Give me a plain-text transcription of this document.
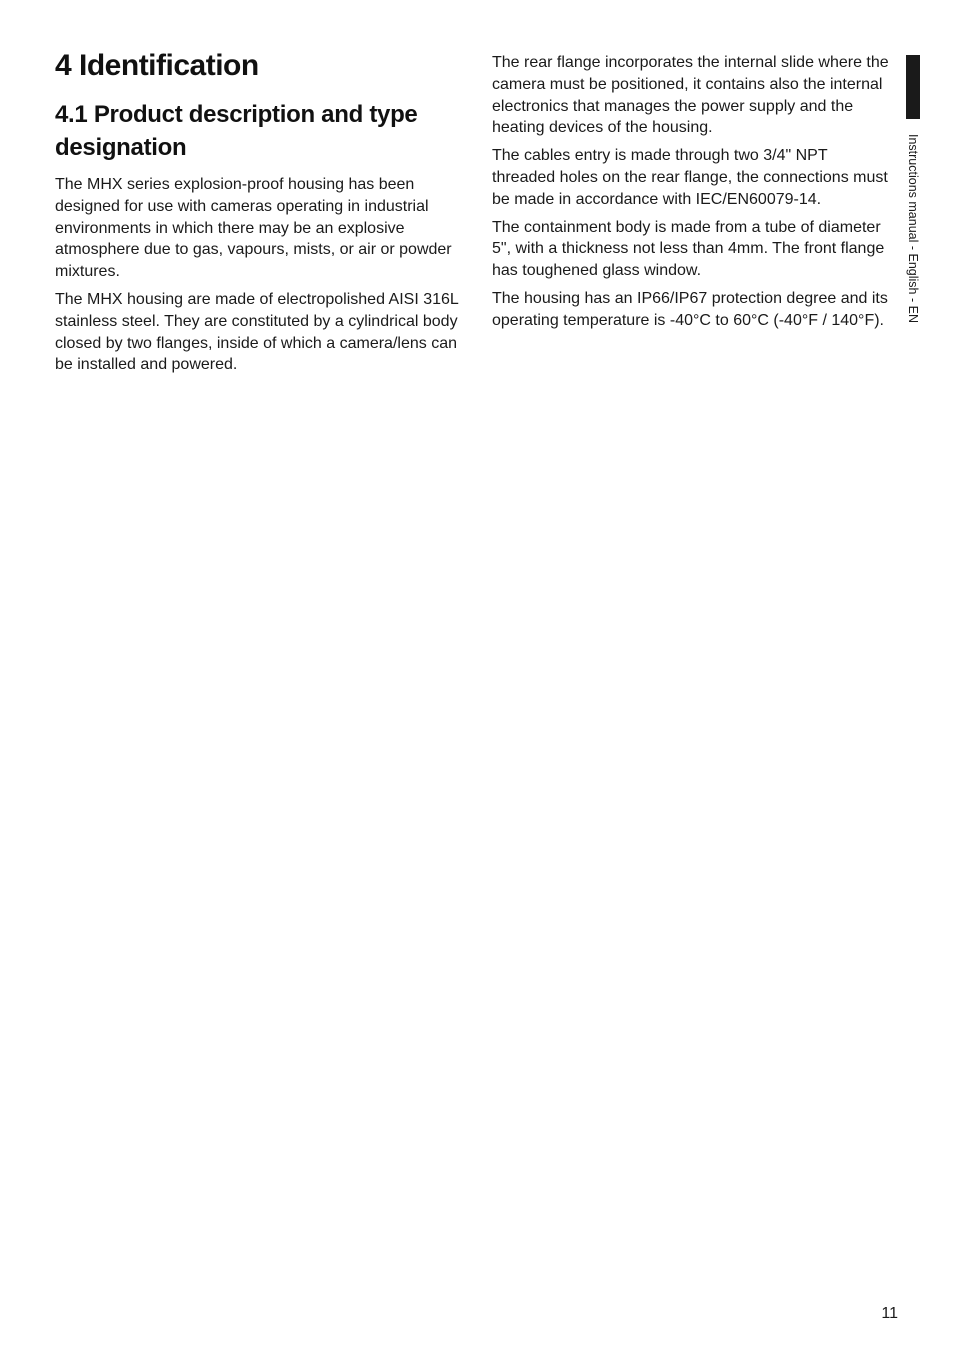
4 Identification
4.1 Product description and type designation

The MHX series explosion-proof housing has been designed for use with cameras operating in industrial environments in which there may be an explosive atmosphere due to gas, vapours, mists, or air or powder mixtures.

The MHX housing are made of electropolished AISI 316L stainless steel. They are constituted by a cylindrical body closed by two flanges, inside of which a camera/lens can be installed and powered.

The rear flange incorporates the internal slide where the camera must be positioned, it contains also the internal electronics that manages the power supply and the heating devices of the housing.

The cables entry is made through two 3/4" NPT threaded holes on the rear flange, the connections must be made in accordance with IEC/EN60079-14.

The containment body is made from a tube of diameter 5", with a thickness not less than 4mm. The front flange has toughened glass window.

The housing has an IP66/IP67 protection degree and its operating temperature is -40°C to 60°C (-40°F / 140°F).	Instructions manual - English - EN
11
